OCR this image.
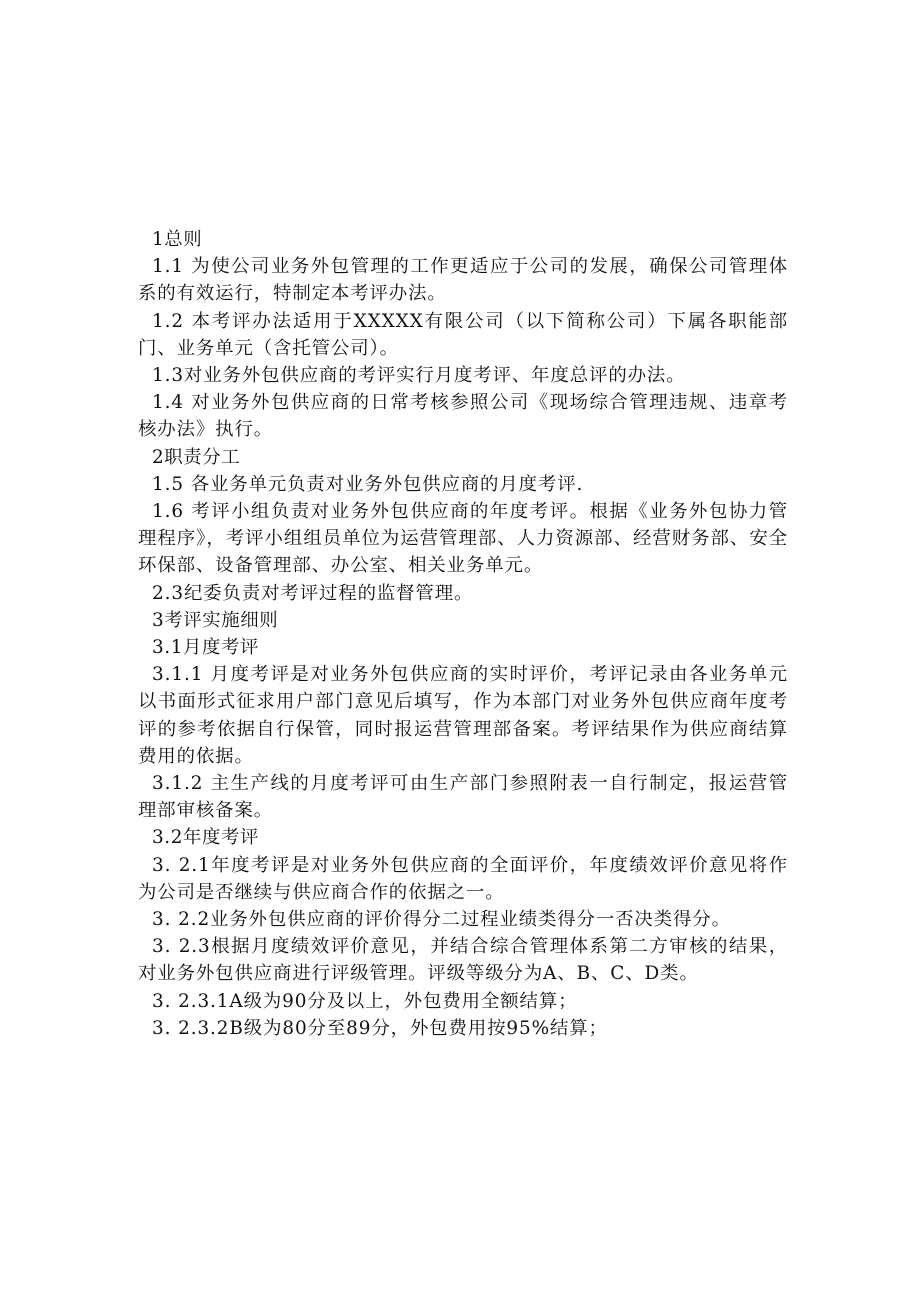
1总则

1.1 为使公司业务外包管理的工作更适应于公司的发展，确保公司管理体系的有效运行，特制定本考评办法。

1.2 本考评办法适用于XXXXX有限公司（以下简称公司）下属各职能部门、业务单元（含托管公司）。

1.3对业务外包供应商的考评实行月度考评、年度总评的办法。

1.4 对业务外包供应商的日常考核参照公司《现场综合管理违规、违章考核办法》执行。

2职责分工

1.5 各业务单元负责对业务外包供应商的月度考评.

1.6 考评小组负责对业务外包供应商的年度考评。根据《业务外包协力管理程序》，考评小组组员单位为运营管理部、人力资源部、经营财务部、安全环保部、设备管理部、办公室、相关业务单元。

2.3纪委负责对考评过程的监督管理。

3考评实施细则

3.1月度考评

3.1.1 月度考评是对业务外包供应商的实时评价，考评记录由各业务单元以书面形式征求用户部门意见后填写，作为本部门对业务外包供应商年度考评的参考依据自行保管，同时报运营管理部备案。考评结果作为供应商结算费用的依据。

3.1.2 主生产线的月度考评可由生产部门参照附表一自行制定，报运营管理部审核备案。

3.2年度考评

3. 2.1年度考评是对业务外包供应商的全面评价，年度绩效评价意见将作为公司是否继续与供应商合作的依据之一。

3. 2.2业务外包供应商的评价得分二过程业绩类得分一否决类得分。

3. 2.3根据月度绩效评价意见，并结合综合管理体系第二方审核的结果，对业务外包供应商进行评级管理。评级等级分为A、B、C、D类。

3. 2.3.1A级为90分及以上，外包费用全额结算；

3. 2.3.2B级为80分至89分，外包费用按95%结算；
